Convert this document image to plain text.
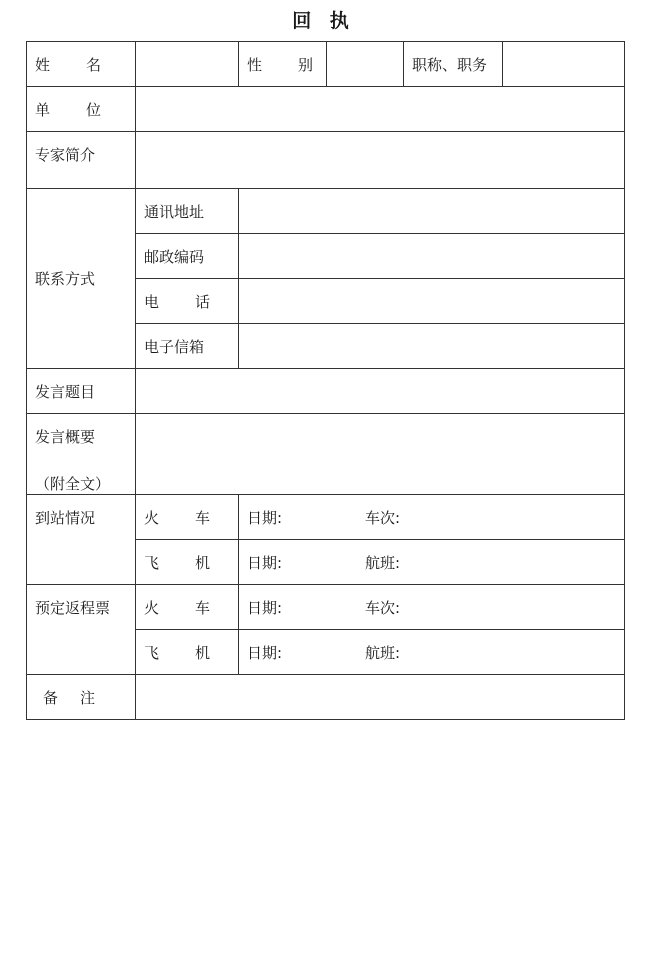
回 执
姓 名		性 别		职称、职务	

单 位					

专家简介					
联系方式	通讯地址				
	邮政编码				

	电 话				

	电子信箱				
发言题目					
发言概要
（附全文）					

到站情况	火 车	日期: 车次:			

	飞 机	日期: 航班:			
预定返程票	火 车	日期: 车次:			

	飞 机	日期: 航班:			

备 注					
